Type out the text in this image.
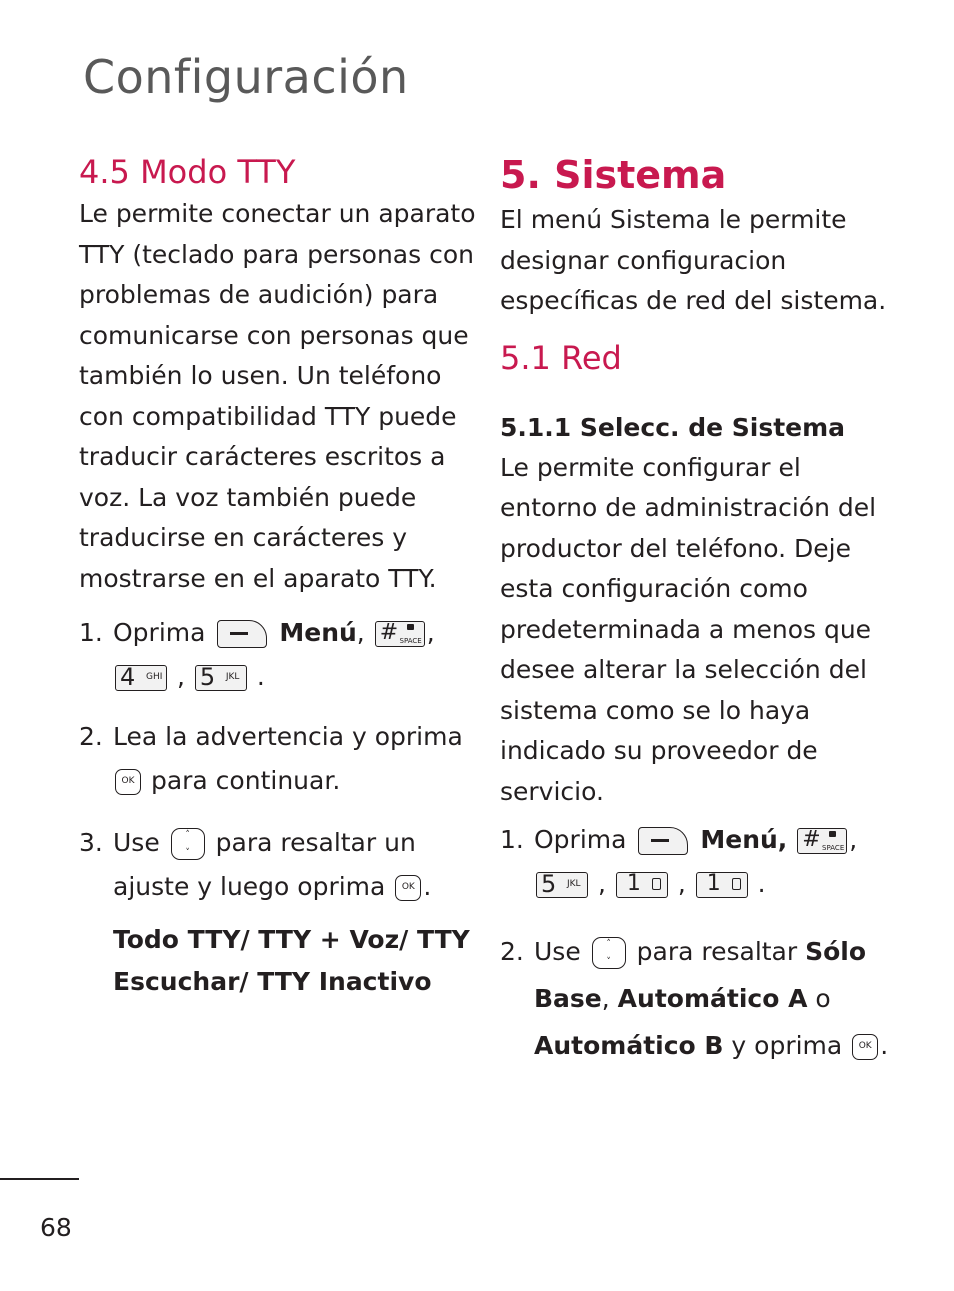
Configuración
4.5 Modo TTY

Le permite conectar un aparato TTY (teclado para personas con problemas de audición) para comunicarse con personas que también lo usen. Un teléfono con compatibilidad TTY puede traducir carácteres escritos a voz. La voz también puede traducirse en carácteres y mostrarse en el aparato TTY.

1. Oprima	Menú, # SPACE ,

4 GHI , 5 JKL .

2. Lea la advertencia y oprima
OK para continuar.

3. Use	˄
˅	para resaltar un ajuste y luego oprima OK .

Todo TTY/ TTY + Voz/ TTY Escuchar/ TTY Inactivo

5. Sistema

El menú Sistema le permite designar configuracion específicas de red del sistema.

5.1 Red

5.1.1 Selecc. de Sistema

Le permite configurar el entorno de administración del productor del teléfono. Deje esta configuración como predeterminada a menos que desee alterar la selección del sistema como se lo haya indicado su proveedor de servicio.

1. Oprima	Menú, # SPACE ,

5 JKL , 1 , 1 .

2. Use	˄
˅	para resaltar Sólo Base, Automático A o Automático B y oprima OK .

68
